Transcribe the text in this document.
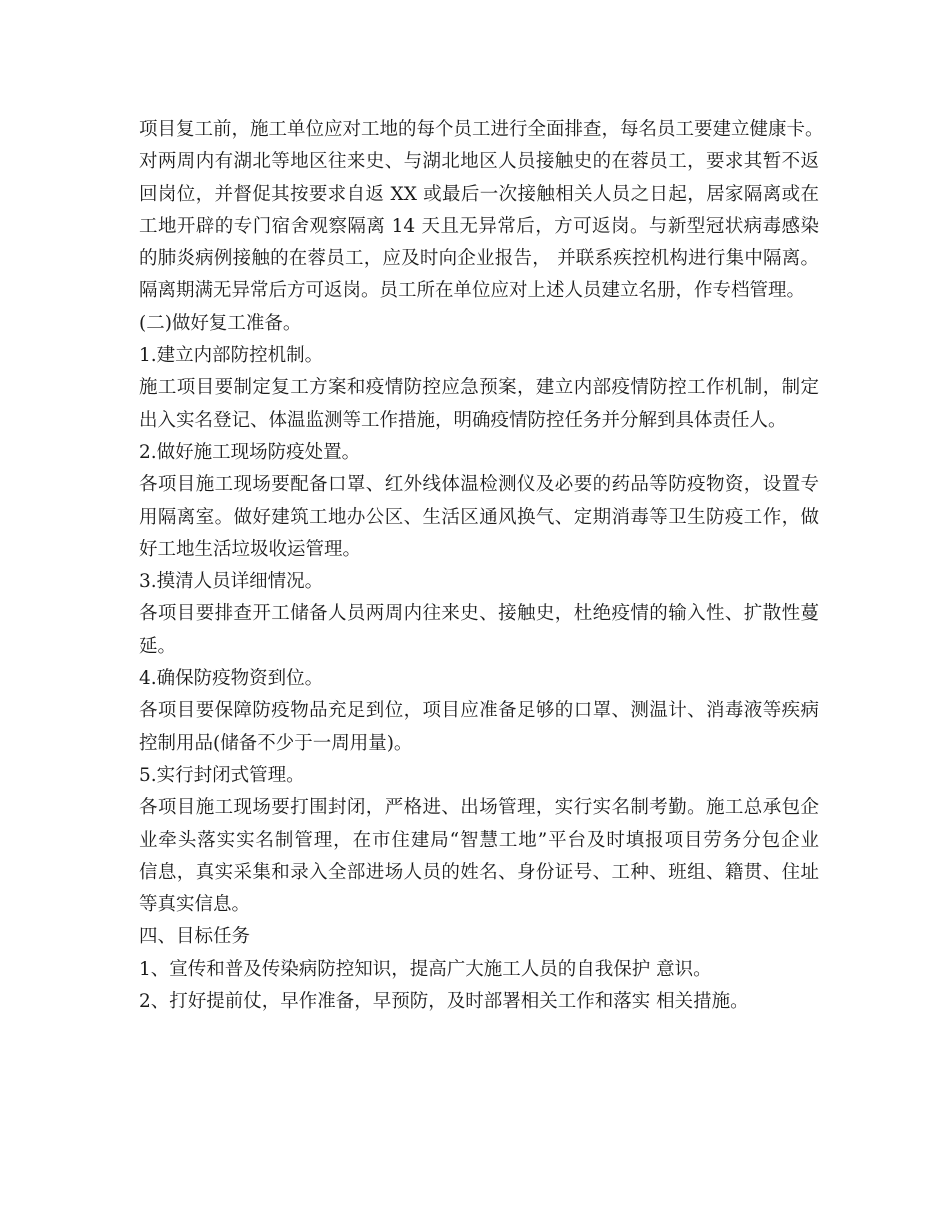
项目复工前，施工单位应对工地的每个员工进行全面排查，每名员工要建立健康卡。

对两周内有湖北等地区往来史、与湖北地区人员接触史的在蓉员工，要求其暂不返

回岗位，并督促其按要求自返 XX 或最后一次接触相关人员之日起，居家隔离或在

工地开辟的专门宿舍观察隔离 14 天且无异常后，方可返岗。与新型冠状病毒感染

的肺炎病例接触的在蓉员工，应及时向企业报告， 并联系疾控机构进行集中隔离。

隔离期满无异常后方可返岗。员工所在单位应对上述人员建立名册，作专档管理。

(二)做好复工准备。

1.建立内部防控机制。

施工项目要制定复工方案和疫情防控应急预案，建立内部疫情防控工作机制，制定

出入实名登记、体温监测等工作措施，明确疫情防控任务并分解到具体责任人。

2.做好施工现场防疫处置。

各项目施工现场要配备口罩、红外线体温检测仪及必要的药品等防疫物资，设置专

用隔离室。做好建筑工地办公区、生活区通风换气、定期消毒等卫生防疫工作，做

好工地生活垃圾收运管理。

3.摸清人员详细情况。

各项目要排查开工储备人员两周内往来史、接触史，杜绝疫情的输入性、扩散性蔓

延。

4.确保防疫物资到位。

各项目要保障防疫物品充足到位，项目应准备足够的口罩、测温计、消毒液等疾病

控制用品(储备不少于一周用量)。

5.实行封闭式管理。

各项目施工现场要打围封闭，严格进、出场管理，实行实名制考勤。施工总承包企

业牵头落实实名制管理，在市住建局“智慧工地”平台及时填报项目劳务分包企业

信息，真实采集和录入全部进场人员的姓名、身份证号、工种、班组、籍贯、住址

等真实信息。

四、目标任务

1、宣传和普及传染病防控知识，提高广大施工人员的自我保护 意识。

2、打好提前仗，早作准备，早预防，及时部署相关工作和落实 相关措施。
